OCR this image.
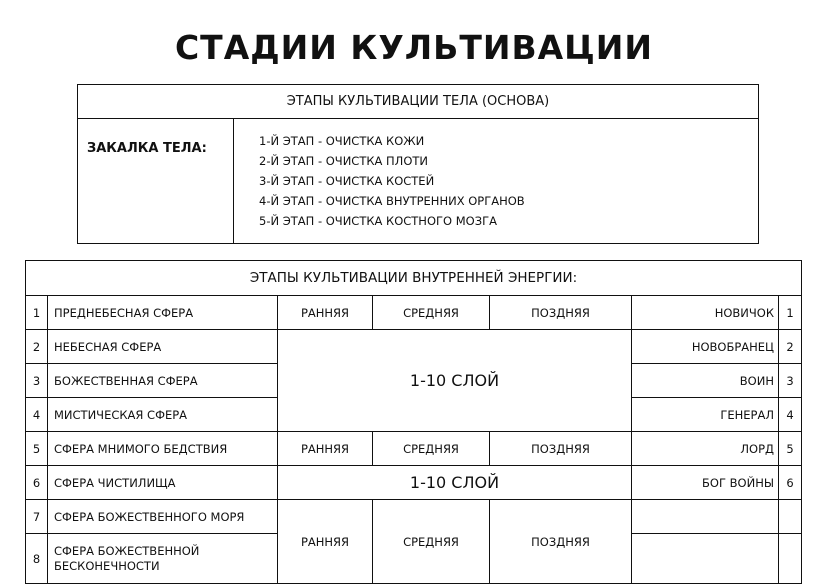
СТАДИИ КУЛЬТИВАЦИИ
ЭТАПЫ КУЛЬТИВАЦИИ ТЕЛА (ОСНОВА)
ЗАКАЛКА ТЕЛА:	1-Й ЭТАП - ОЧИСТКА КОЖИ
2-Й ЭТАП - ОЧИСТКА ПЛОТИ
3-Й ЭТАП - ОЧИСТКА КОСТЕЙ
4-Й ЭТАП - ОЧИСТКА ВНУТРЕННИХ ОРГАНОВ
5-Й ЭТАП - ОЧИСТКА КОСТНОГО МОЗГА
ЭТАПЫ КУЛЬТИВАЦИИ ВНУТРЕННЕЙ ЭНЕРГИИ:						
1	ПРЕДНЕБЕСНАЯ СФЕРА	РАННЯЯ	СРЕДНЯЯ	ПОЗДНЯЯ	НОВИЧОК	1
2	НЕБЕСНАЯ СФЕРА	1-10 СЛОЙ			НОВОБРАНЕЦ	2
3	БОЖЕСТВЕННАЯ СФЕРА				ВОИН	3
4	МИСТИЧЕСКАЯ СФЕРА				ГЕНЕРАЛ	4
5	СФЕРА МНИМОГО БЕДСТВИЯ	РАННЯЯ	СРЕДНЯЯ	ПОЗДНЯЯ	ЛОРД	5
6	СФЕРА ЧИСТИЛИЩА	1-10 СЛОЙ			БОГ ВОЙНЫ	6
7	СФЕРА БОЖЕСТВЕННОГО МОРЯ	РАННЯЯ	СРЕДНЯЯ	ПОЗДНЯЯ		
8	СФЕРА БОЖЕСТВЕННОЙ БЕСКОНЕЧНОСТИ					
